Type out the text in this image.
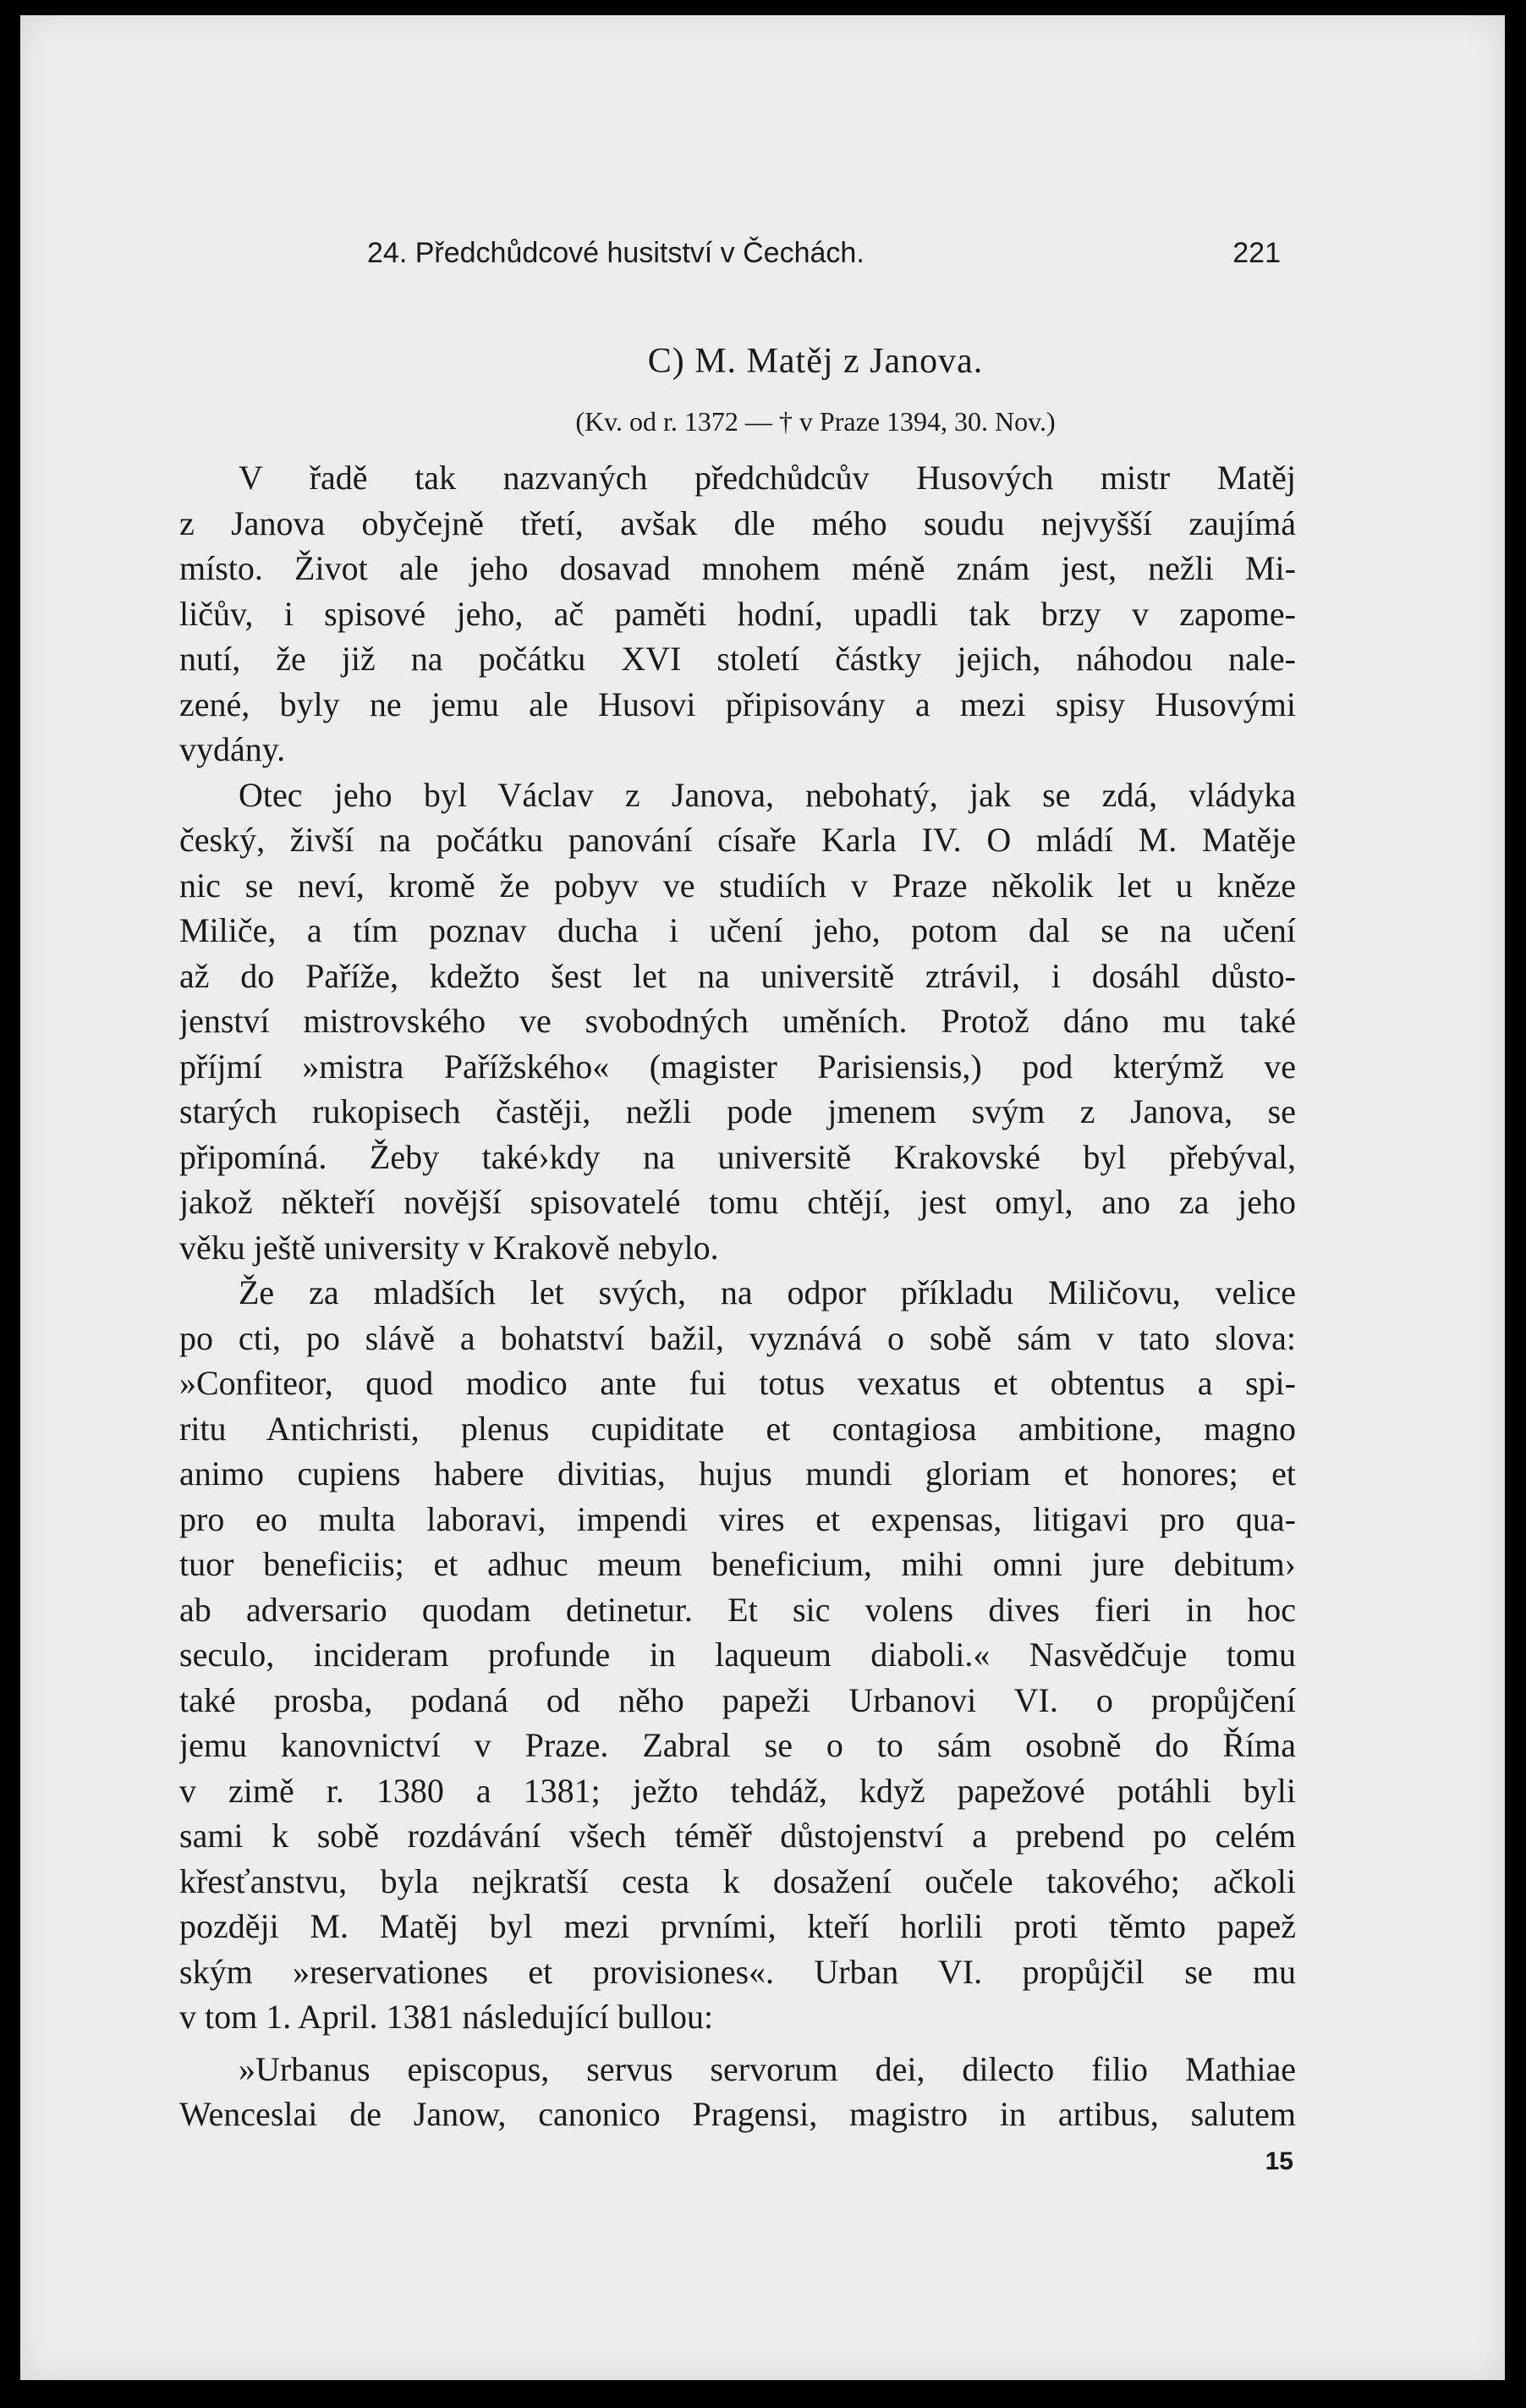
24. Předchůdcové husitství v Čechách.	221
C) M. Matěj z Janova.
(Kv. od r. 1372 — † v Praze 1394, 30. Nov.)
V řadě tak nazvaných předchůdcův Husových mistr Matěj
z Janova obyčejně třetí, avšak dle mého soudu nejvyšší zaujímá
místo. Život ale jeho dosavad mnohem méně znám jest, nežli Mi-
ličův, i spisové jeho, ač paměti hodní, upadli tak brzy v zapome-
nutí, že již na počátku XVI století částky jejich, náhodou nale-
zené, byly ne jemu ale Husovi připisovány a mezi spisy Husovými
vydány.
Otec jeho byl Václav z Janova, nebohatý, jak se zdá, vládyka
český, živší na počátku panování císaře Karla IV. O mládí M. Matěje
nic se neví, kromě že pobyv ve studiích v Praze několik let u kněze
Miliče, a tím poznav ducha i učení jeho, potom dal se na učení
až do Paříže, kdežto šest let na universitě ztrávil, i dosáhl důsto-
jenství mistrovského ve svobodných uměních. Protož dáno mu také
příjmí »mistra Pařížského« (magister Parisiensis,) pod kterýmž ve
starých rukopisech častěji, nežli pode jmenem svým z Janova, se
připomíná. Žeby také›kdy na universitě Krakovské byl přebýval,
jakož někteří novější spisovatelé tomu chtějí, jest omyl, ano za jeho
věku ještě university v Krakově nebylo.
Že za mladších let svých, na odpor příkladu Miličovu, velice
po cti, po slávě a bohatství bažil, vyznává o sobě sám v tato slova:
»Confiteor, quod modico ante fui totus vexatus et obtentus a spi-
ritu Antichristi, plenus cupiditate et contagiosa ambitione, magno
animo cupiens habere divitias, hujus mundi gloriam et honores; et
pro eo multa laboravi, impendi vires et expensas, litigavi pro qua-
tuor beneficiis; et adhuc meum beneficium, mihi omni jure debitum›
ab adversario quodam detinetur. Et sic volens dives fieri in hoc
seculo, incideram profunde in laqueum diaboli.« Nasvědčuje tomu
také prosba, podaná od něho papeži Urbanovi VI. o propůjčení
jemu kanovnictví v Praze. Zabral se o to sám osobně do Říma
v zimě r. 1380 a 1381; ježto tehdáž, když papežové potáhli byli
sami k sobě rozdávání všech téměř důstojenství a prebend po celém
křesťanstvu, byla nejkratší cesta k dosažení oučele takového; ačkoli
později M. Matěj byl mezi prvními, kteří horlili proti těmto papež
ským »reservationes et provisiones«. Urban VI. propůjčil se mu
v tom 1. April. 1381 následující bullou:
»Urbanus episcopus, servus servorum dei, dilecto filio Mathiae
Wenceslai de Janow, canonico Pragensi, magistro in artibus, salutem
15
